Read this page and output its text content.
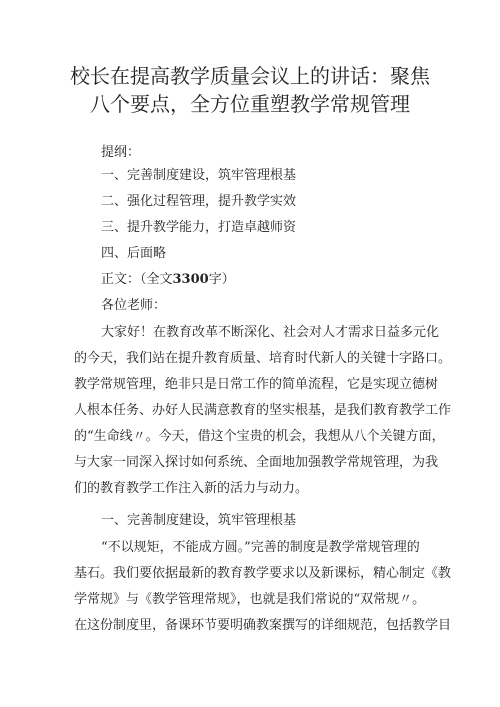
校长在提高教学质量会议上的讲话：聚焦
八个要点，全方位重塑教学常规管理
提纲：
一、完善制度建设，筑牢管理根基
二、强化过程管理，提升教学实效
三、提升教学能力，打造卓越师资
四、后面略
正文：（全文3300字）
各位老师：
大家好！在教育改革不断深化、社会对人才需求日益多元化
的今天，我们站在提升教育质量、培育时代新人的关键十字路口。
教学常规管理，绝非只是日常工作的简单流程，它是实现立德树
人根本任务、办好人民满意教育的坚实根基，是我们教育教学工作
的“生命线〃。今天，借这个宝贵的机会，我想从八个关键方面，
与大家一同深入探讨如何系统、全面地加强教学常规管理，为我
们的教育教学工作注入新的活力与动力。
一、完善制度建设，筑牢管理根基
“不以规矩，不能成方圆。”完善的制度是教学常规管理的
基石。我们要依据最新的教育教学要求以及新课标，精心制定《教
学常规》与《教学管理常规》，也就是我们常说的“双常规〃。
在这份制度里，备课环节要明确教案撰写的详细规范，包括教学目
